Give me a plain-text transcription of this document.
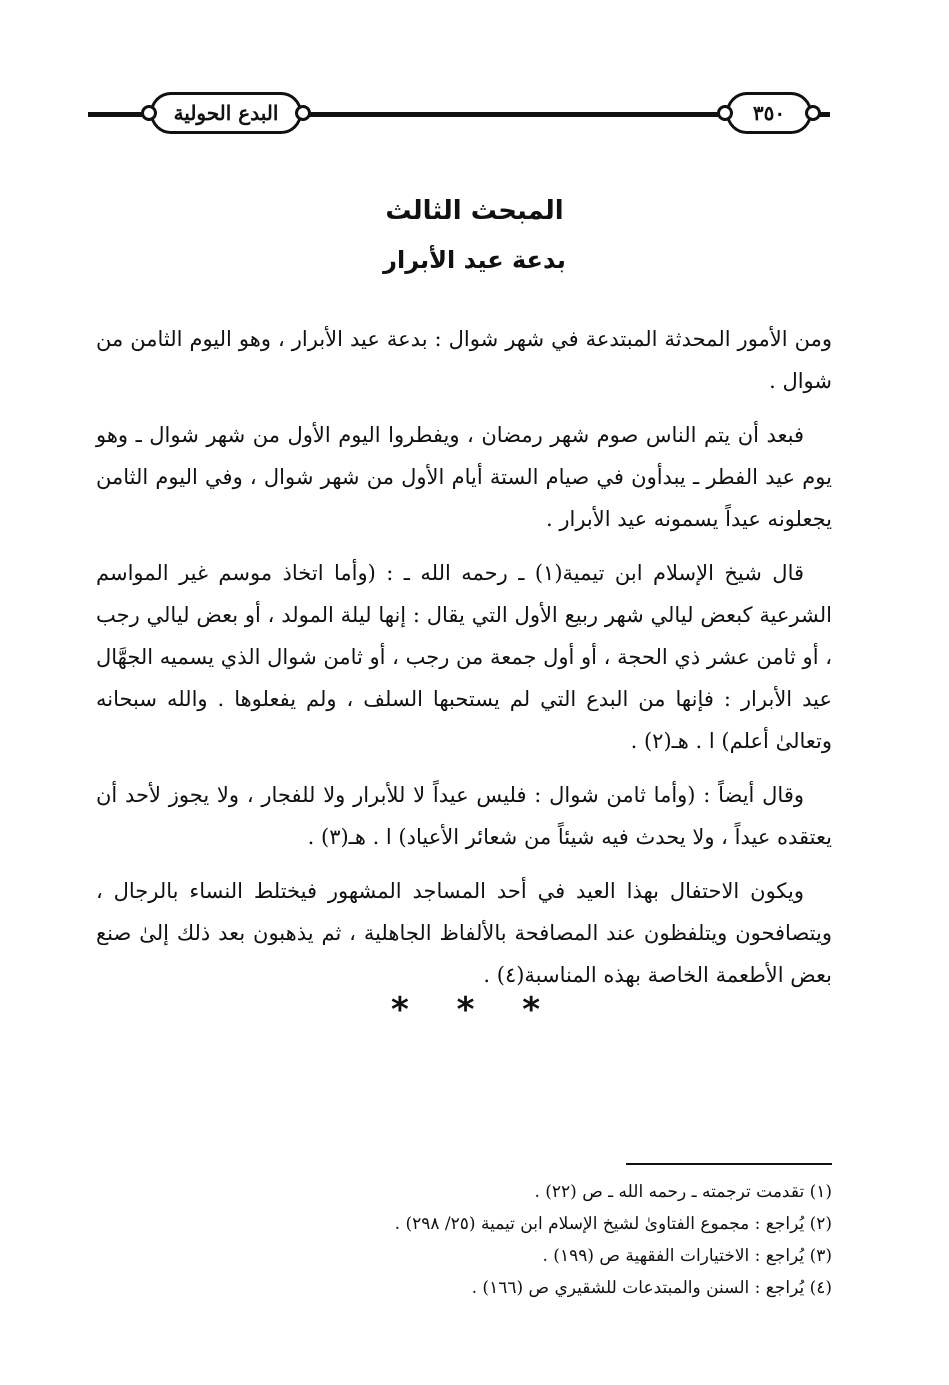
البدع الحولية	٣٥٠
المبحث الثالث
بدعة عيد الأبرار

ومن الأمور المحدثة المبتدعة في شهر شوال : بدعة عيد الأبرار ، وهو اليوم الثامن من شوال .

فبعد أن يتم الناس صوم شهر رمضان ، ويفطروا اليوم الأول من شهر شوال ـ وهو يوم عيد الفطر ـ يبدأون في صيام الستة أيام الأول من شهر شوال ، وفي اليوم الثامن يجعلونه عيداً يسمونه عيد الأبرار .

قال شيخ الإسلام ابن تيمية(١) ـ رحمه الله ـ : (وأما اتخاذ موسم غير المواسم الشرعية كبعض ليالي شهر ربيع الأول التي يقال : إنها ليلة المولد ، أو بعض ليالي رجب ، أو ثامن عشر ذي الحجة ، أو أول جمعة من رجب ، أو ثامن شوال الذي يسميه الجهَّال عيد الأبرار : فإنها من البدع التي لم يستحبها السلف ، ولم يفعلوها . والله سبحانه وتعالىٰ أعلم) ا . هـ(٢) .

وقال أيضاً : (وأما ثامن شوال : فليس عيداً لا للأبرار ولا للفجار ، ولا يجوز لأحد أن يعتقده عيداً ، ولا يحدث فيه شيئاً من شعائر الأعياد) ا . هـ(٣) .

ويكون الاحتفال بهذا العيد في أحد المساجد المشهور فيختلط النساء بالرجال ، ويتصافحون ويتلفظون عند المصافحة بالألفاظ الجاهلية ، ثم يذهبون بعد ذلك إلىٰ صنع بعض الأطعمة الخاصة بهذه المناسبة(٤) .

* * *
(١) تقدمت ترجمته ـ رحمه الله ـ ص (٢٢) .
(٢) يُراجع : مجموع الفتاوىٰ لشيخ الإسلام ابن تيمية (٢٥/ ٢٩٨) .
(٣) يُراجع : الاختيارات الفقهية ص (١٩٩) .
(٤) يُراجع : السنن والمبتدعات للشقيري ص (١٦٦) .
